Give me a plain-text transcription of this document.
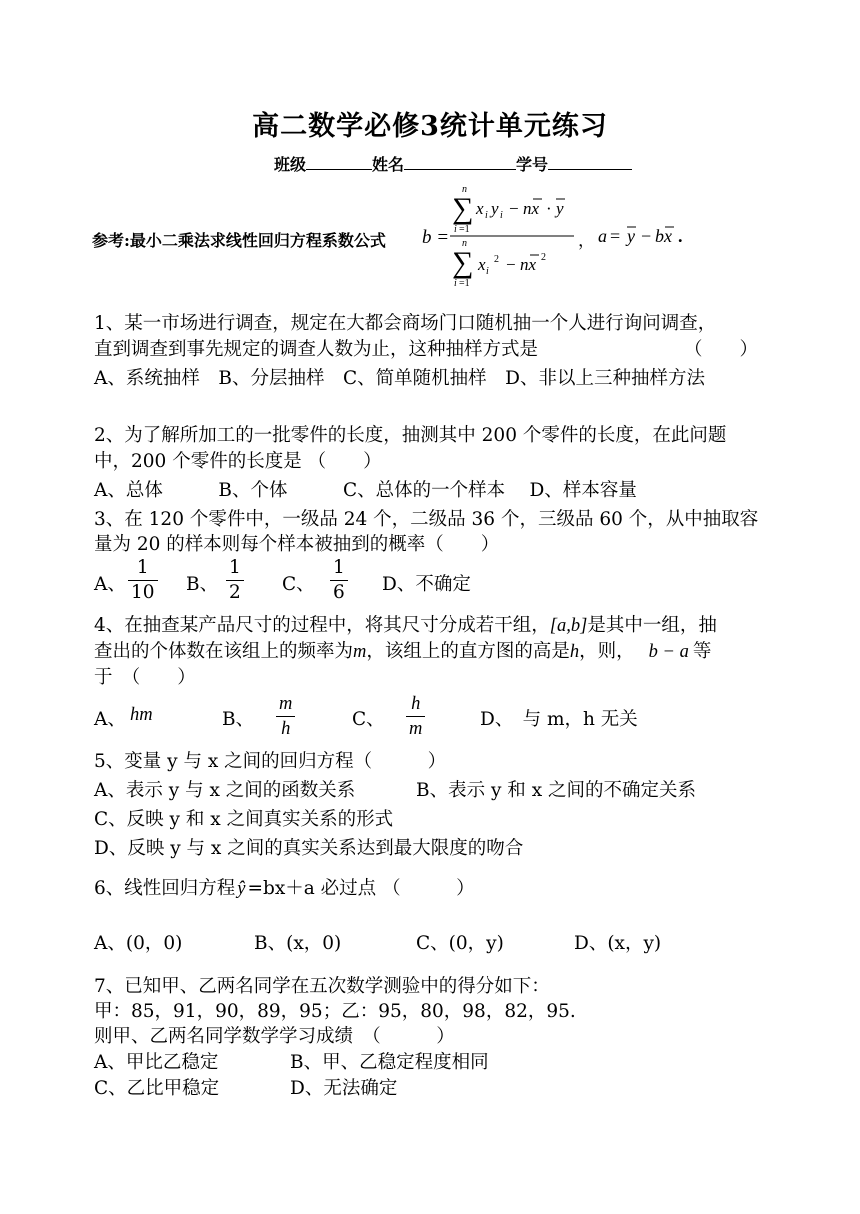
高二数学必修3统计单元练习
班级	姓名	学号
参考:最小二乘法求线性回归方程系数公式 b =
n
∑
i =1
x i y i − nx · y
n
∑
i =1
x i
2 − nx 2
， a = y − bx .
1、某一市场进行调查，规定在大都会商场门口随机抽一个人进行询问调查，
直到调查到事先规定的调查人数为止，这种抽样方式是	（　　）
A、系统抽样　B、分层抽样　C、简单随机抽样　D、非以上三种抽样方法
2、为了解所加工的一批零件的长度，抽测其中 200 个零件的长度，在此问题
中，200 个零件的长度是 （　　）
A、总体　　　B、个体　　　C、总体的一个样本　 D、样本容量
3、在 120 个零件中，一级品 24 个，二级品 36 个，三级品 60 个，从中抽取容
量为 20 的样本则每个样本被抽到的概率（　　）
A、 $\frac{1}{10}$ B、 $\frac{1}{2}$ C、 $\frac{1}{6}$ D、不确定
4、在抽查某产品尺寸的过程中，将其尺寸分成若干组，[a,b]是其中一组，抽
查出的个体数在该组上的频率为m，该组上的直方图的高是h，则， b − a 等
于　（　　）
A、 hm	B、 $\frac{m}{h}$	C、 $\frac{h}{m}$	D、　与 m，h 无关
5、变量 y 与 x 之间的回归方程（　　　）
A、表示 y 与 x 之间的函数关系	B、表示 y 和 x 之间的不确定关系
C、反映 y 和 x 之间真实关系的形式
D、反映 y 与 x 之间的真实关系达到最大限度的吻合
6、线性回归方程 ŷ =bx＋a 必过点 （　　　）
A、(0，0)	B、(x，0)	C、(0，y)	D、(x，y)
7、已知甲、乙两名同学在五次数学测验中的得分如下：
甲：85，91，90，89，95；乙：95，80，98，82，95.
则甲、乙两名同学数学学习成绩　（　　　）
A、甲比乙稳定	B、甲、乙稳定程度相同
C、乙比甲稳定	D、无法确定
